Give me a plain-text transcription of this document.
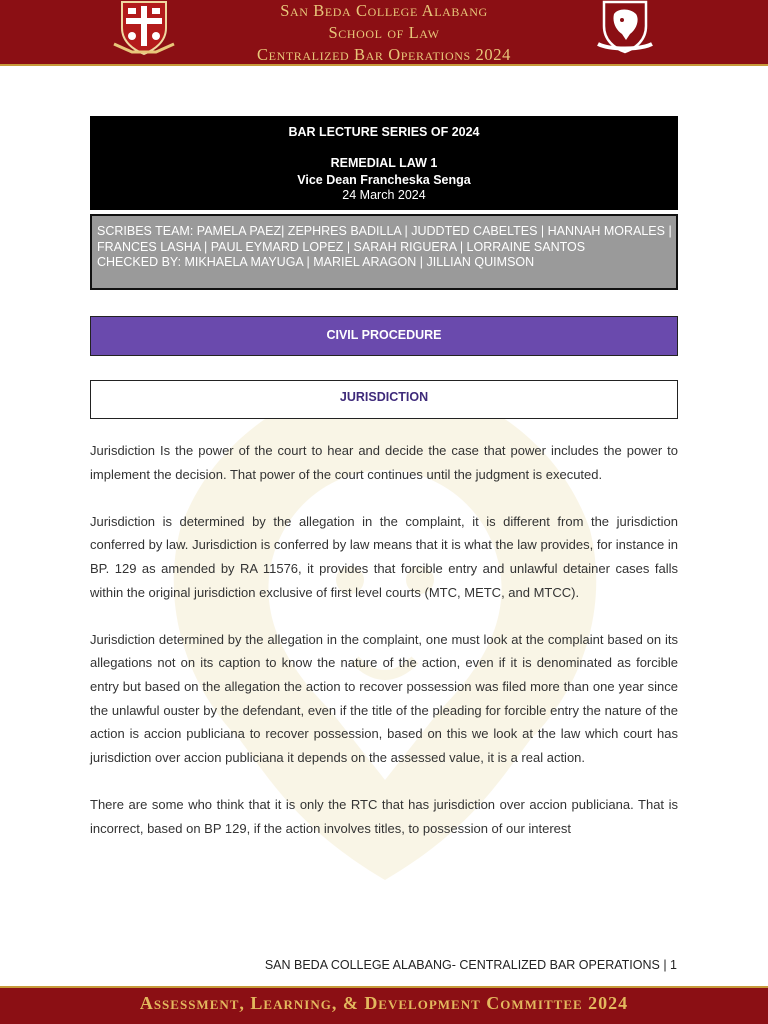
San Beda College Alabang
School of Law
Centralized Bar Operations 2024
BAR LECTURE SERIES OF 2024
REMEDIAL LAW 1
Vice Dean Francheska Senga
24 March 2024

SCRIBES TEAM: PAMELA PAEZ| ZEPHRES BADILLA | JUDDTED CABELTES | HANNAH MORALES | FRANCES LASHA | PAUL EYMARD LOPEZ | SARAH RIGUERA | LORRAINE SANTOS

CHECKED BY: MIKHAELA MAYUGA | MARIEL ARAGON | JILLIAN QUIMSON

CIVIL PROCEDURE
JURISDICTION

Jurisdiction Is the power of the court to hear and decide the case that power includes the power to implement the decision. That power of the court continues until the judgment is executed.

Jurisdiction is determined by the allegation in the complaint, it is different from the jurisdiction conferred by law. Jurisdiction is conferred by law means that it is what the law provides, for instance in BP. 129 as amended by RA 11576, it provides that forcible entry and unlawful detainer cases falls within the original jurisdiction exclusive of first level courts (MTC, METC, and MTCC).

Jurisdiction determined by the allegation in the complaint, one must look at the complaint based on its allegations not on its caption to know the nature of the action, even if it is denominated as forcible entry but based on the allegation the action to recover possession was filed more than one year since the unlawful ouster by the defendant, even if the title of the pleading for forcible entry the nature of the action is accion publiciana to recover possession, based on this we look at the law which court has jurisdiction over accion publiciana it depends on the assessed value, it is a real action.

There are some who think that it is only the RTC that has jurisdiction over accion publiciana. That is incorrect, based on BP 129, if the action involves titles, to possession of our interest

SAN BEDA COLLEGE ALABANG- CENTRALIZED BAR OPERATIONS | 1
Assessment, Learning, & Development Committee 2024
